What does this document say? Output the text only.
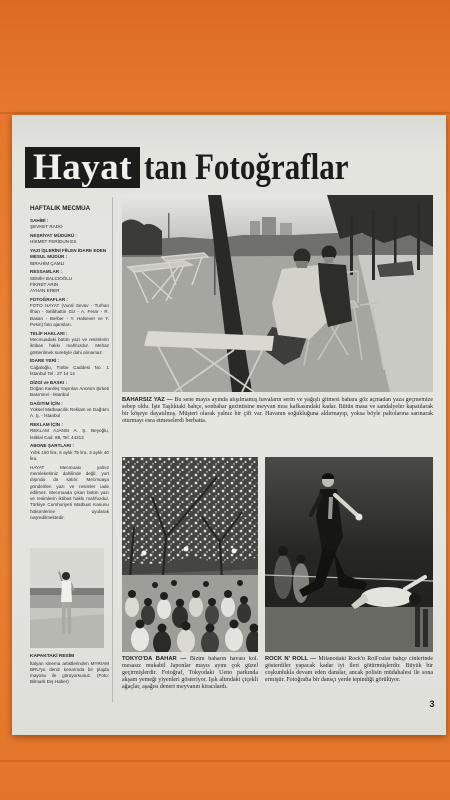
Hayat tan Fotoğraflar
HAFTALIK MECMUA
SAHİBİ :
ŞEVKET RADO
NEŞRİYAT MÜDÜRÜ :
HİKMET FERİDUN ES
YAZI İŞLERİNİ FİİLEN İDARE EDEN MESUL MÜDÜR :
İBRAHİM ÇAMLI
RESSAMLAR :
SEMİH BALCIOĞLU
FİKRET ARIN
AYHAN ERER
FOTOĞRAFLAR :
FOTO HAYAT (Vural Sevüv - Turhan İlhan - Selâhattin Giz - A. Ferar - R. Basan - Berber - Y. Halsever ve Y. Pesin) foto ajansları.
TELİF HAKLARI :
Mecmuadaki bütün yazı ve resimlerin iktibas hakkı mahfuzdur. Mehaz gösterilmek suretiyle dahi alınamaz.
İDARE YERİ :
Cağaloğlu, Türbe Caddesi No. 1 İstanbul Tel : 27 14 14
DİZGİ ve BASKI :
Doğan Kardeş Yayınları Anonim Şirketi Basımevi - İstanbul
DAĞITIM İÇİN :
Yüksel Matbaacılık Reklam ve Dağıtım A. Ş. - İstanbul
REKLAM İÇİN :
REKLAM AJANSI A. Ş. Beyoğlu, İstiklal Cad. 88, Tel: 44212
ABONE ŞARTLARI :
Yıllık 150 lira, 6 aylık 75 lira, 3 aylık 40 lira.
HAYAT Mecmuası yalnız memleketimiz dahilinde değil, yurt dışında da satılır. Mecmuaya gönderilen yazı ve resimler iade edilmez. Mecmuada çıkan bütün yazı ve resimlerin iktibas hakkı mahfuzdur. Türkiye Cumhuriyeti Matbuat Kanunu hükümlerine uyularak neşredilmektedir.
KAPAKTAKİ RESİM
İtalyan sinema artistlerinden MYRIAM BRU'yu deniz kenarında bir plajda mayosu ile görüyorsunuz. (Foto: Bilmark Dış Haber)
BAHARSIZ YAZ — Bu sene mayıs ayında alışılmamış havaların serin ve yağışlı gitmesi bahara göz açmadan yaza geçmemize sebep oldu. İşte Taşlıktaki bahçe, sonbahar gezintisine meyvan mısı kafkasındaki kadar. Bütün masa ve sandalyeler kapatılarak bir köşeye dayatılmış. Müşteri olarak yalnız bir çift var. Havanın soğukluğuna aldırmayıp, yoksa böyle paltolarına sarınarak oturmayı esra etmeselerdi berbatta.
TOKYO'DA BAHAR — Bizim baharın havası kol. mesasız mukabil Japonlar mayıs ayını çok güzel geçirmişlerdir. Fotoğraf, Tokyodaki Ueno parkında akşam yemeği yiyenleri gösteriyor. Işık altındaki çiçekli ağaçlar, aşağısı deneri meyvanın kiracılardı.
ROCK N' ROLL — Milanodaki Rock'n Roll'cular bahçe cinlerinde gösterdiler yapacak kadar iyi ileri götürmüşlerdir. Büyük bir coşkunlukla devam eden danslar, ancak polisin müdahalesi ile sona ermiştir. Fotoğrafta bir dansçı yerde tepindiği görülüyor.
3
